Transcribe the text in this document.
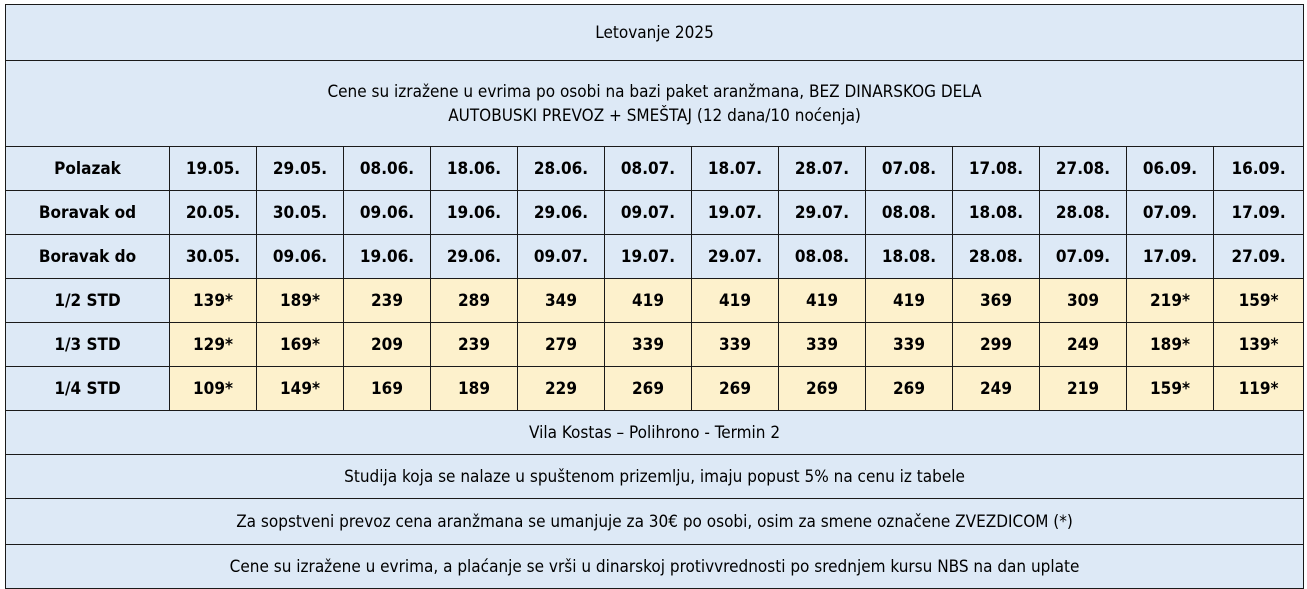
Letovanje 2025													

Cene su izražene u evrima po osobi na bazi paket aranžmana, BEZ DINARSKOG DELA
AUTOBUSKI PREVOZ + SMEŠTAJ (12 dana/10 noćenja)													

Polazak	19.05.	29.05.	08.06.	18.06.	28.06.	08.07.	18.07.	28.07.	07.08.	17.08.	27.08.	06.09.	16.09.
Boravak od	20.05.	30.05.	09.06.	19.06.	29.06.	09.07.	19.07.	29.07.	08.08.	18.08.	28.08.	07.09.	17.09.
Boravak do	30.05.	09.06.	19.06.	29.06.	09.07.	19.07.	29.07.	08.08.	18.08.	28.08.	07.09.	17.09.	27.09.
1/2 STD	139*	189*	239	289	349	419	419	419	419	369	309	219*	159*
1/3 STD	129*	169*	209	239	279	339	339	339	339	299	249	189*	139*
1/4 STD	109*	149*	169	189	229	269	269	269	269	249	219	159*	119*
Vila Kostas – Polihrono - Termin 2													
Studija koja se nalaze u spuštenom prizemlju, imaju popust 5% na cenu iz tabele													
Za sopstveni prevoz cena aranžmana se umanjuje za 30€ po osobi, osim za smene označene ZVEZDICOM (*)													
Cene su izražene u evrima, a plaćanje se vrši u dinarskoj protivvrednosti po srednjem kursu NBS na dan uplate													
